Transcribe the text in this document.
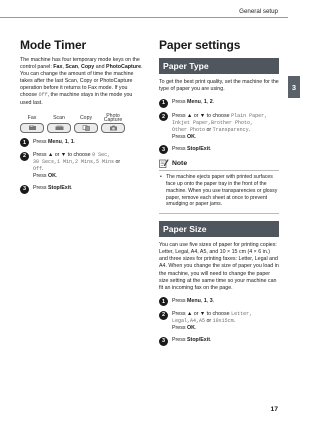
General setup
3
Mode Timer

The machine has four temporary mode keys on the control panel: Fax, Scan, Copy and PhotoCapture. You can change the amount of time the machine takes after the last Scan, Copy or PhotoCapture operation before it returns to Fax mode. If you choose Off, the machine stays in the mode you used last.

Fax	Scan	Copy	Photo
Capture
1	Press Menu, 1, 1.
2	Press ▲ or ▼ to choose 0 Sec,
30 Secs,1 Min,2 Mins,5 Mins or
Off.
Press OK.
3	Press Stop/Exit.
Paper settings
Paper Type

To get the best print quality, set the machine for the type of paper you are using.

1	Press Menu, 1, 2.
2	Press ▲ or ▼ to choose Plain Paper,
Inkjet Paper,Brother Photo,
Other Photo or Transparency.
Press OK.
3	Press Stop/Exit.
Note
• The machine ejects paper with printed surfaces face up onto the paper tray in the front of the machine. When you use transparencies or glossy paper, remove each sheet at once to prevent smudging or paper jams.
Paper Size

You can use five sizes of paper for printing copies: Letter, Legal, A4, A5, and 10 × 15 cm (4 × 6 in.) and three sizes for printing faxes: Letter, Legal and A4. When you change the size of paper you load in the machine, you will need to change the paper size setting at the same time so your machine can fit an incoming fax on the page.

1	Press Menu, 1, 3.
2	Press ▲ or ▼ to choose Letter,
Legal,A4,A5 or 10x15cm.
Press OK.
3	Press Stop/Exit.
17
